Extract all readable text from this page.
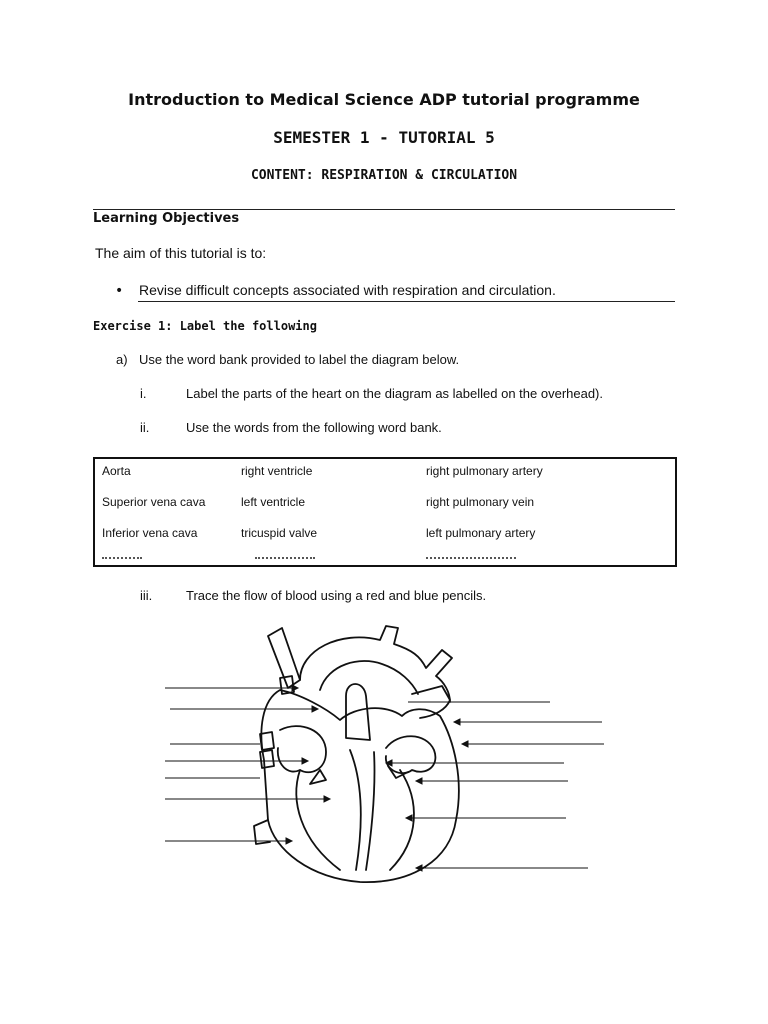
Introduction to Medical Science ADP tutorial programme
SEMESTER 1 - TUTORIAL 5
CONTENT: RESPIRATION & CIRCULATION
Learning Objectives
The aim of this tutorial is to:
• Revise difficult concepts associated with respiration and circulation.
Exercise 1: Label the following
a) Use the word bank provided to label the diagram below.
i.	Label the parts of the heart on the diagram as labelled on the overhead).
ii.	Use the words from the following word bank.
Aorta	right ventricle	right pulmonary artery
Superior vena cava	left ventricle	right pulmonary vein
Inferior vena cava	tricuspid valve	left pulmonary artery
iii.	Trace the flow of blood using a red and blue pencils.
